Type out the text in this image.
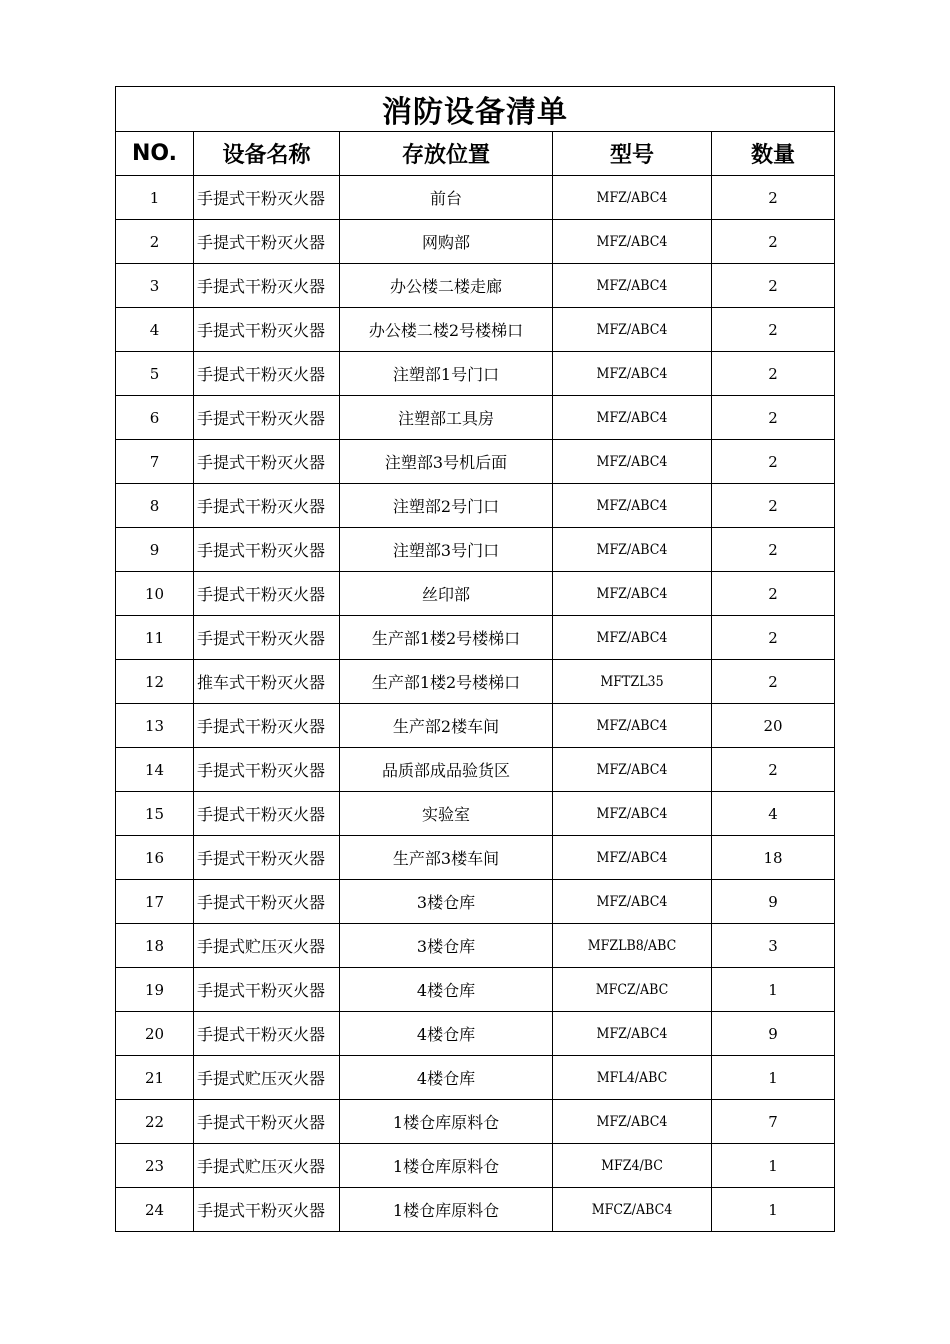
消防设备清单				
NO.	设备名称	存放位置	型号	数量
1	手提式干粉灭火器	前台	MFZ/ABC4	2
2	手提式干粉灭火器	网购部	MFZ/ABC4	2
3	手提式干粉灭火器	办公楼二楼走廊	MFZ/ABC4	2
4	手提式干粉灭火器	办公楼二楼2号楼梯口	MFZ/ABC4	2
5	手提式干粉灭火器	注塑部1号门口	MFZ/ABC4	2
6	手提式干粉灭火器	注塑部工具房	MFZ/ABC4	2
7	手提式干粉灭火器	注塑部3号机后面	MFZ/ABC4	2
8	手提式干粉灭火器	注塑部2号门口	MFZ/ABC4	2
9	手提式干粉灭火器	注塑部3号门口	MFZ/ABC4	2
10	手提式干粉灭火器	丝印部	MFZ/ABC4	2
11	手提式干粉灭火器	生产部1楼2号楼梯口	MFZ/ABC4	2
12	推车式干粉灭火器	生产部1楼2号楼梯口	MFTZL35	2
13	手提式干粉灭火器	生产部2楼车间	MFZ/ABC4	20
14	手提式干粉灭火器	品质部成品验货区	MFZ/ABC4	2
15	手提式干粉灭火器	实验室	MFZ/ABC4	4
16	手提式干粉灭火器	生产部3楼车间	MFZ/ABC4	18
17	手提式干粉灭火器	3楼仓库	MFZ/ABC4	9
18	手提式贮压灭火器	3楼仓库	MFZLB8/ABC	3
19	手提式干粉灭火器	4楼仓库	MFCZ/ABC	1
20	手提式干粉灭火器	4楼仓库	MFZ/ABC4	9
21	手提式贮压灭火器	4楼仓库	MFL4/ABC	1
22	手提式干粉灭火器	1楼仓库原料仓	MFZ/ABC4	7
23	手提式贮压灭火器	1楼仓库原料仓	MFZ4/BC	1
24	手提式干粉灭火器	1楼仓库原料仓	MFCZ/ABC4	1
